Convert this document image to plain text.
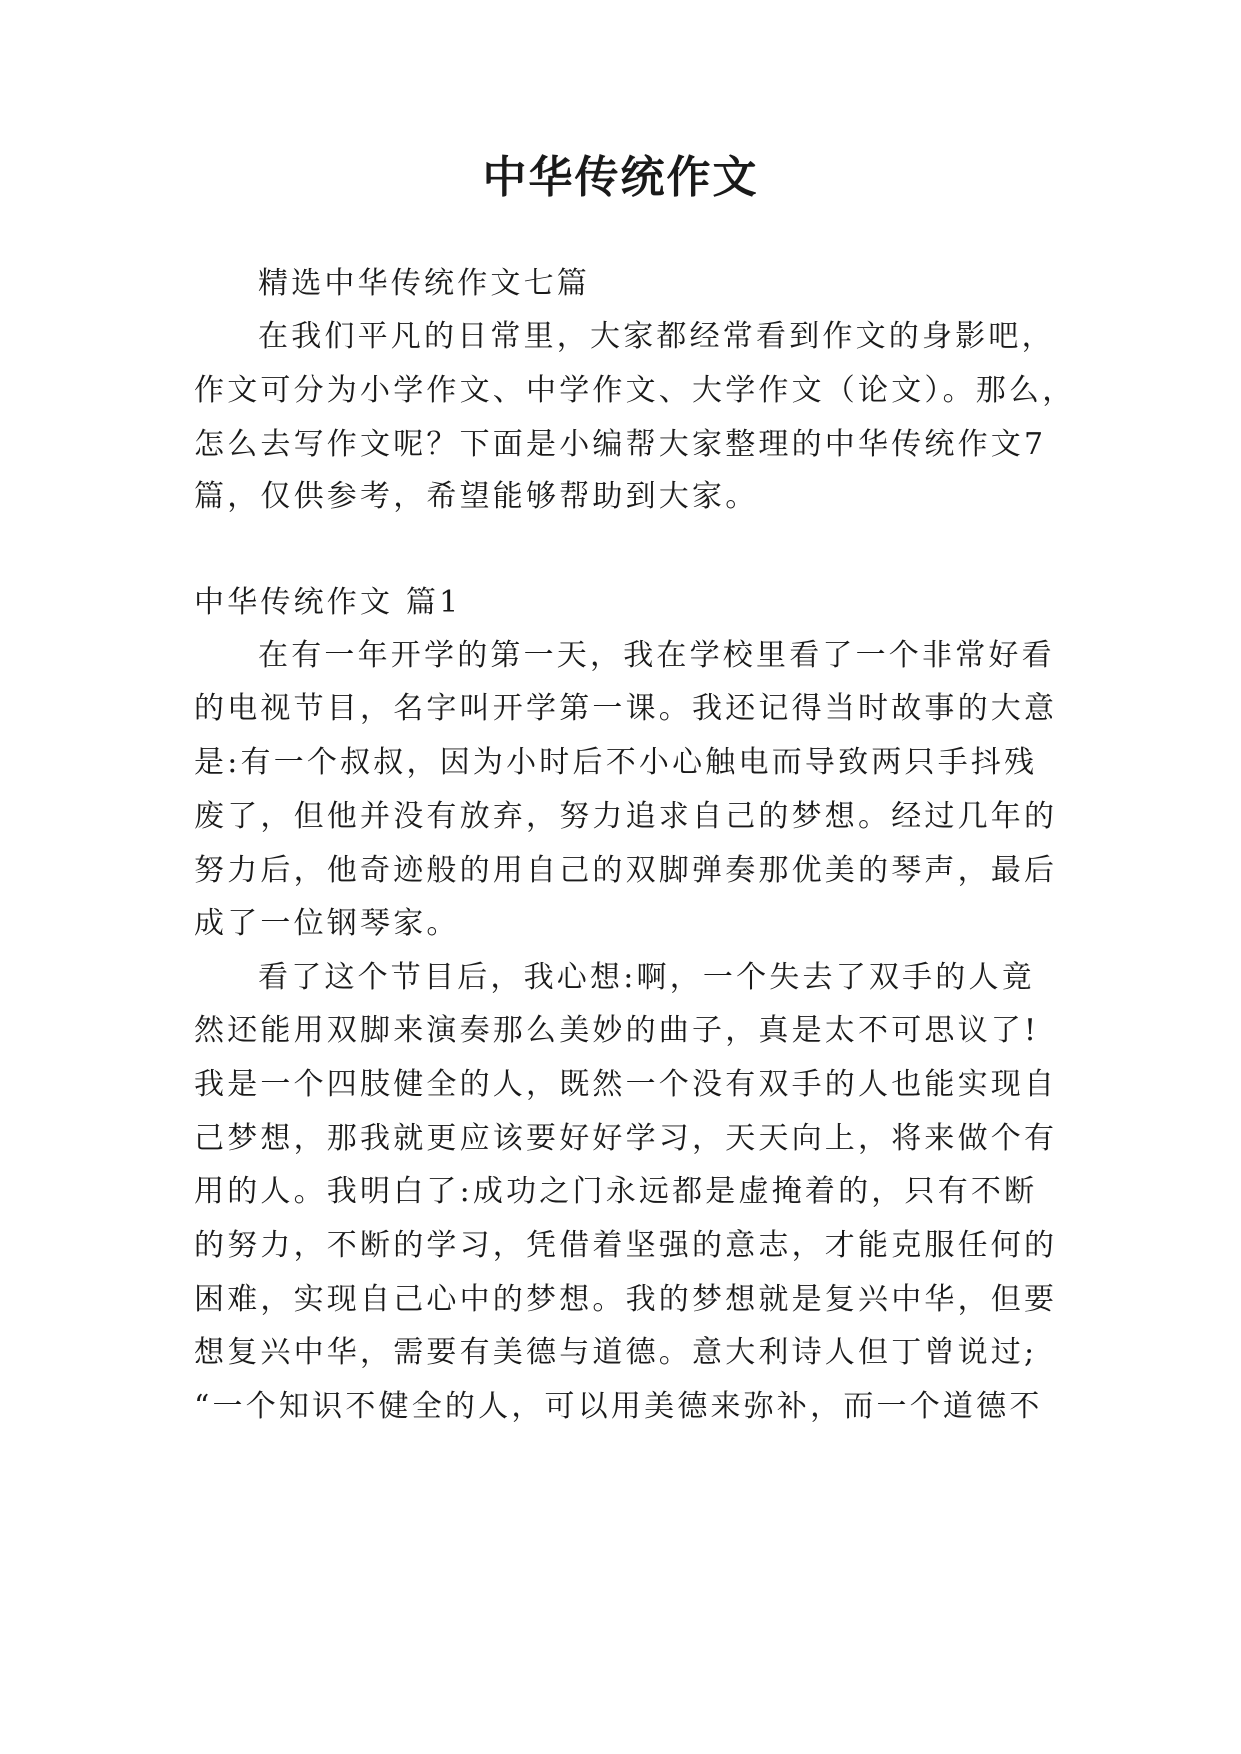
中华传统作文
精选中华传统作文七篇
在我们平凡的日常里，大家都经常看到作文的身影吧，
作文可分为小学作文、中学作文、大学作文（论文）。那么，
怎么去写作文呢？下面是小编帮大家整理的中华传统作文7
篇，仅供参考，希望能够帮助到大家。
中华传统作文 篇1
在有一年开学的第一天，我在学校里看了一个非常好看
的电视节目，名字叫开学第一课。我还记得当时故事的大意
是:有一个叔叔，因为小时后不小心触电而导致两只手抖残
废了，但他并没有放弃，努力追求自己的梦想。经过几年的
努力后，他奇迹般的用自己的双脚弹奏那优美的琴声，最后
成了一位钢琴家。
看了这个节目后，我心想:啊，一个失去了双手的人竟
然还能用双脚来演奏那么美妙的曲子，真是太不可思议了!
我是一个四肢健全的人，既然一个没有双手的人也能实现自
己梦想，那我就更应该要好好学习，天天向上，将来做个有
用的人。我明白了:成功之门永远都是虚掩着的，只有不断
的努力，不断的学习，凭借着坚强的意志，才能克服任何的
困难，实现自己心中的梦想。我的梦想就是复兴中华，但要
想复兴中华，需要有美德与道德。意大利诗人但丁曾说过;
“一个知识不健全的人，可以用美德来弥补，而一个道德不
